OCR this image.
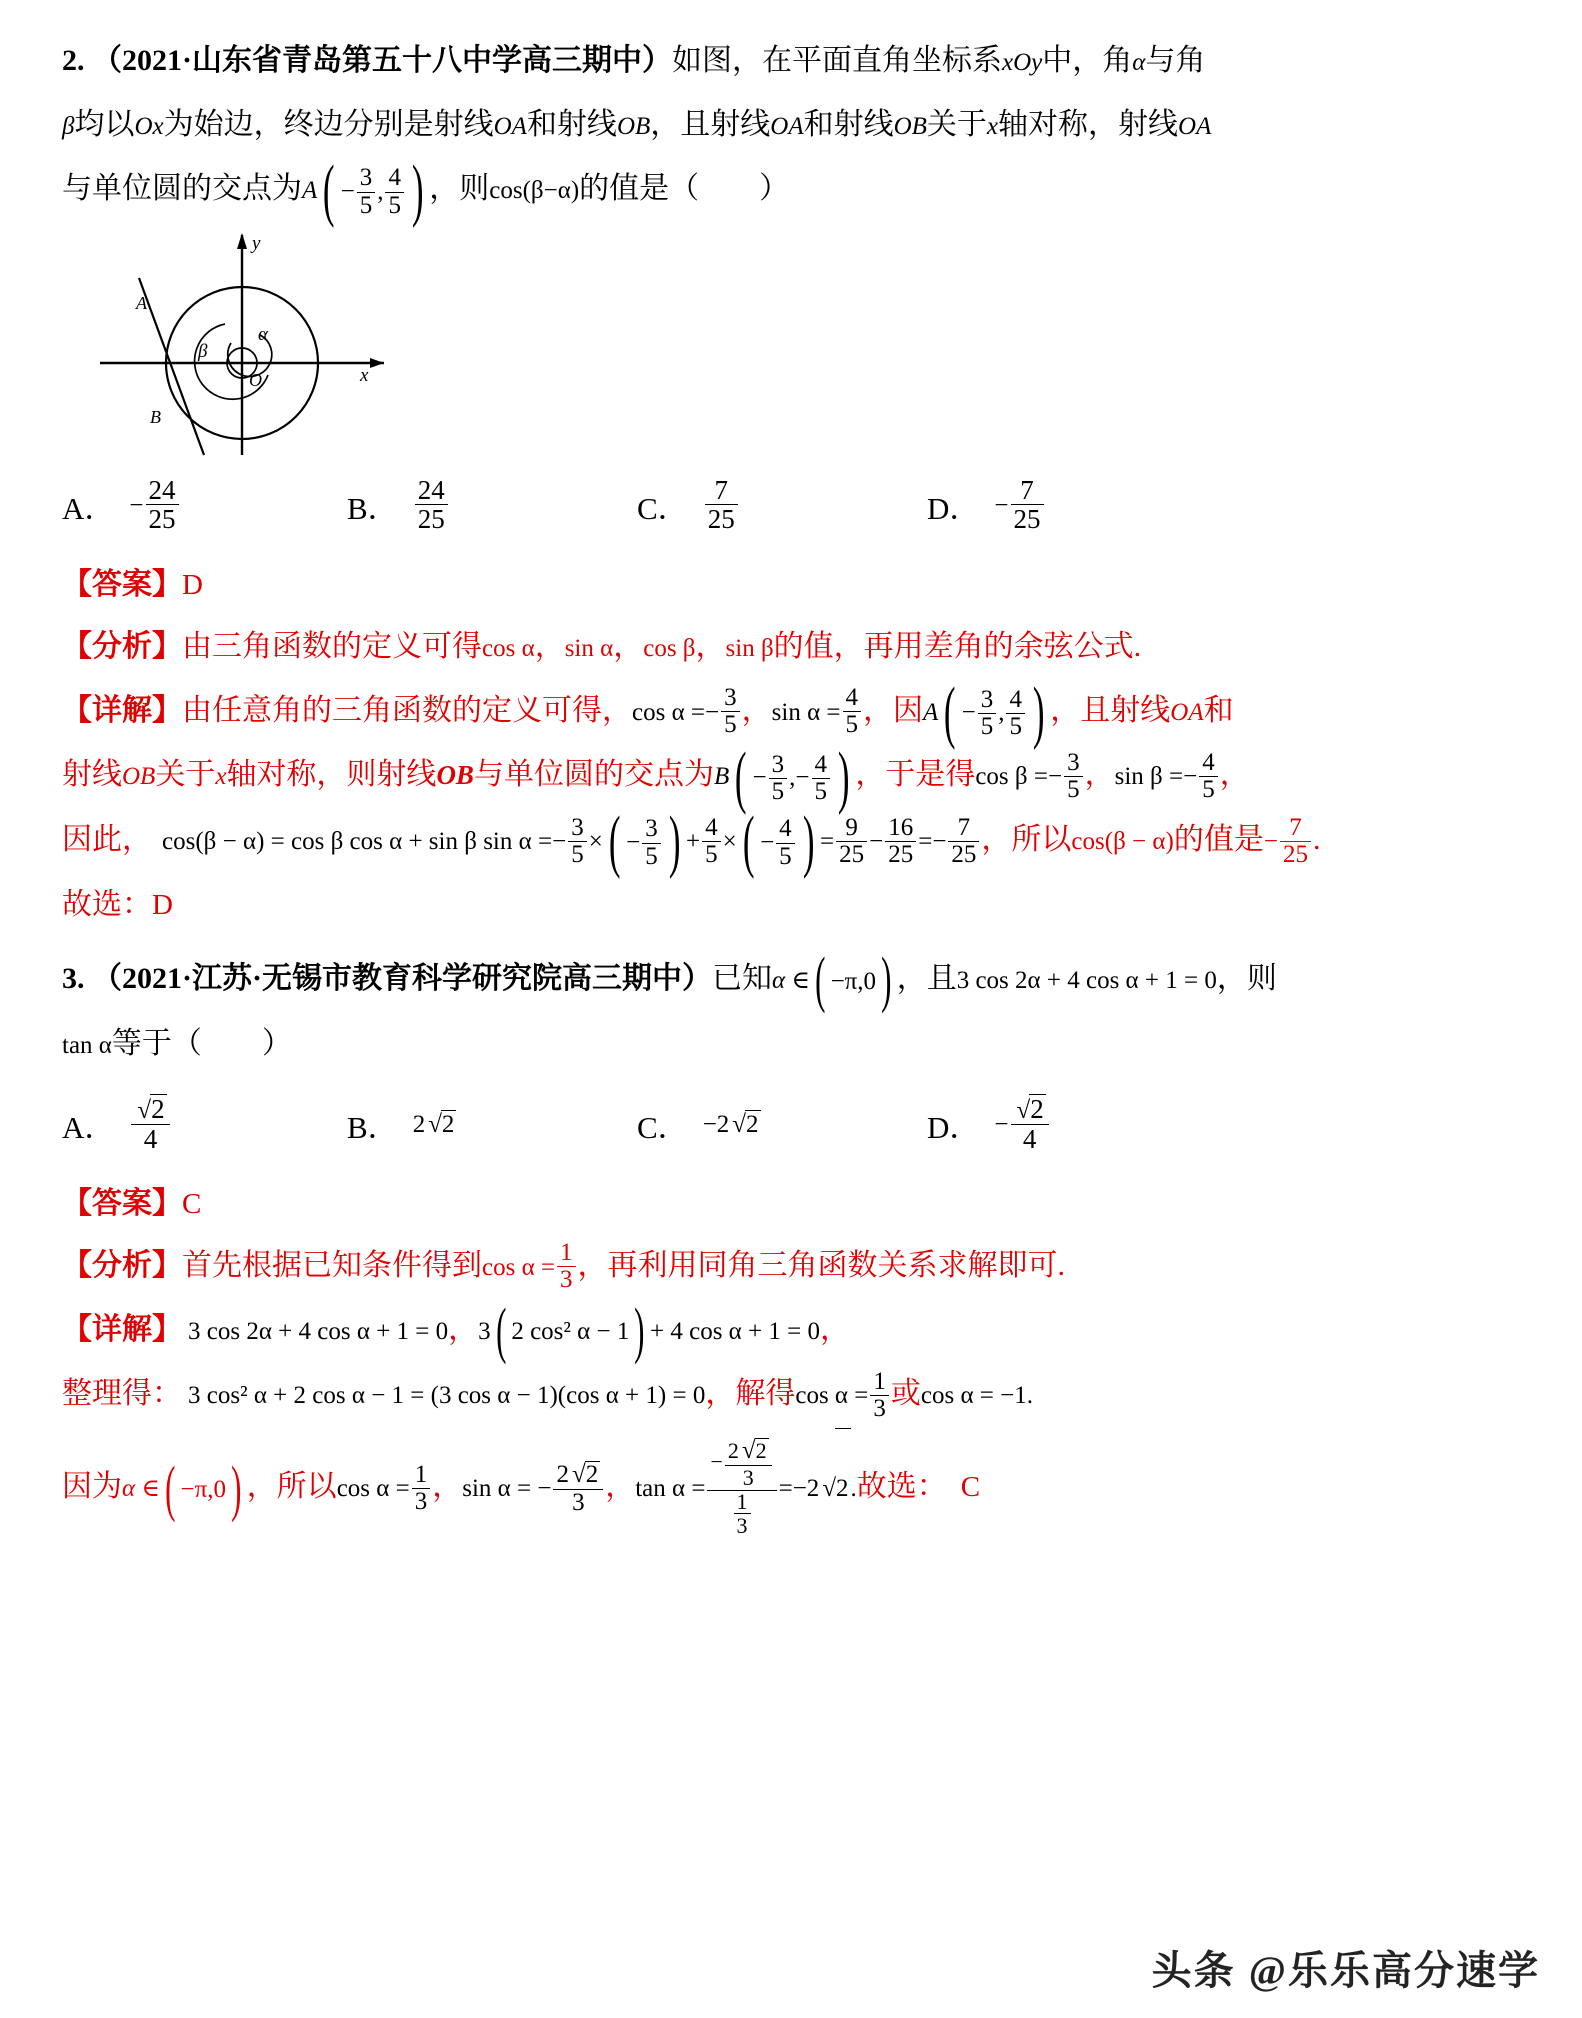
2. （2021·山东省青岛第五十八中学高三期中）如图，在平面直角坐标系xOy中，角α与角
β均以Ox为始边，终边分别是射线OA和射线OB，且射线OA和射线OB关于x轴对称，射线OA
与单位圆的交点为$A( - \frac{3}{5}$ , $\frac{4}{5}$ ) ，则cos(β−α)的值是（ ）
x
y
O
A
B
α
β
A． − $\frac{24}{25}$	B． $\frac{24}{25}$	C． $\frac{7}{25}$	D． − $\frac{7}{25}$
【答案】D
【分析】由三角函数的定义可得cos α，sin α，cos β，sin β的值，再用差角的余弦公式.
【详解】由任意角的三角函数的定义可得，$\cos \alpha =- \frac{3}{5}$ ，$\sin \alpha = \frac{4}{5}$ ，因$A( - \frac{3}{5}$ , $\frac{4}{5}$ ) ，且射线OA和
射线OB关于x轴对称，则射线OB与单位圆的交点为$B( - \frac{3}{5}$ ,− $\frac{4}{5}$ ) ，于是得$\cos \beta =- \frac{3}{5}$ ，$\sin \beta =- \frac{4}{5}$ ，
因此， cos(β − α) = cos β cos α + sin β $\sin \alpha =- \frac{3}{5}$ ×( − $\frac{3}{5}$ ) + $\frac{4}{5}$ ×( − $\frac{4}{5}$ ) = $\frac{9}{25} - \frac{16}{25} =- \frac{7}{25}$ ，所以cos(β − α)的值是− $\frac{7}{25}$ .
故选：D
3. （2021·江苏·无锡市教育科学研究院高三期中）已知α ∈( −π,0) ，且3 cos 2α + 4 cos α + 1 = 0，则
tan α等于（ ）
A． $\frac{√2}{4}$	B． 2 √2	C． −2 √2	D． − $\frac{√2}{4}$
【答案】C
【分析】首先根据已知条件得到$\cos \alpha = \frac{1}{3}$ ，再利用同角三角函数关系求解即可.
【详解】 3 cos 2α + 4 cos α + 1 = 0，3( 2 cos² α − 1) + 4 cos α + 1 = 0，
整理得： 3 cos² α + 2 cos α − 1 = (3 cos α − 1)(cos α + 1) = 0，解得$\cos \alpha = \frac{1}{3}$ 或cos α = −1.
因为α ∈( −π,0) ，所以$\cos \alpha = \frac{1}{3}$ ，sin α = − $\frac{2 √2}{3}$ ，$\tan \alpha = \frac{- \frac{2 √2}{3}}{\frac{1}{3}} =-2$ √2.故选： C
头条 @乐乐高分速学
